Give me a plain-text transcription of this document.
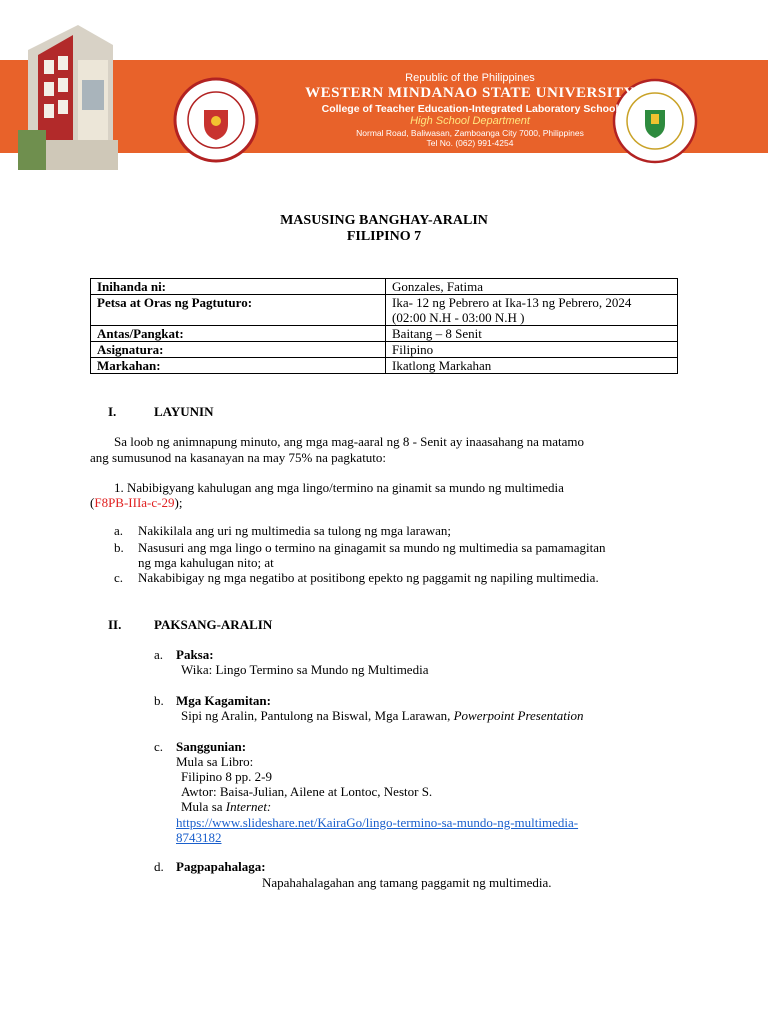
Republic of the Philippines
WESTERN MINDANAO STATE UNIVERSITY
College of Teacher Education-Integrated Laboratory School
High School Department
Normal Road, Baliwasan, Zamboanga City 7000, Philippines
Tel No. (062) 991-4254
MASUSING BANGHAY-ARALIN
FILIPINO 7
Inihanda ni:	Gonzales, Fatima
Petsa at Oras ng Pagtuturo:	Ika- 12 ng Pebrero at Ika-13 ng Pebrero, 2024
(02:00 N.H - 03:00 N.H )

Antas/Pangkat:	Baitang – 8 Senit
Asignatura:	Filipino
Markahan:	Ikatlong Markahan
I.	LAYUNIN
Sa loob ng animnapung minuto, ang mga mag-aaral ng 8 - Senit ay inaasahang na matamo
ang sumusunod na kasanayan na may 75% na pagkatuto:
1. Nabibigyang kahulugan ang mga lingo/termino na ginamit sa mundo ng multimedia
(F8PB-IIIa-c-29);
a. Nakikilala ang uri ng multimedia sa tulong ng mga larawan;
b. Nasusuri ang mga lingo o termino na ginagamit sa mundo ng multimedia sa pamamagitan
ng mga kahulugan nito; at
c. Nakabibigay ng mga negatibo at positibong epekto ng paggamit ng napiling multimedia.
II.	PAKSANG-ARALIN
a. Paksa:
Wika: Lingo Termino sa Mundo ng Multimedia
b. Mga Kagamitan:
Sipi ng Aralin, Pantulong na Biswal, Mga Larawan, Powerpoint Presentation
c. Sanggunian:
Mula sa Libro:
Filipino 8 pp. 2-9
Awtor: Baisa-Julian, Ailene at Lontoc, Nestor S.
Mula sa Internet:
https://www.slideshare.net/KairaGo/lingo-termino-sa-mundo-ng-multimedia-
8743182
d. Pagpapahalaga:
Napahahalagahan ang tamang paggamit ng multimedia.
